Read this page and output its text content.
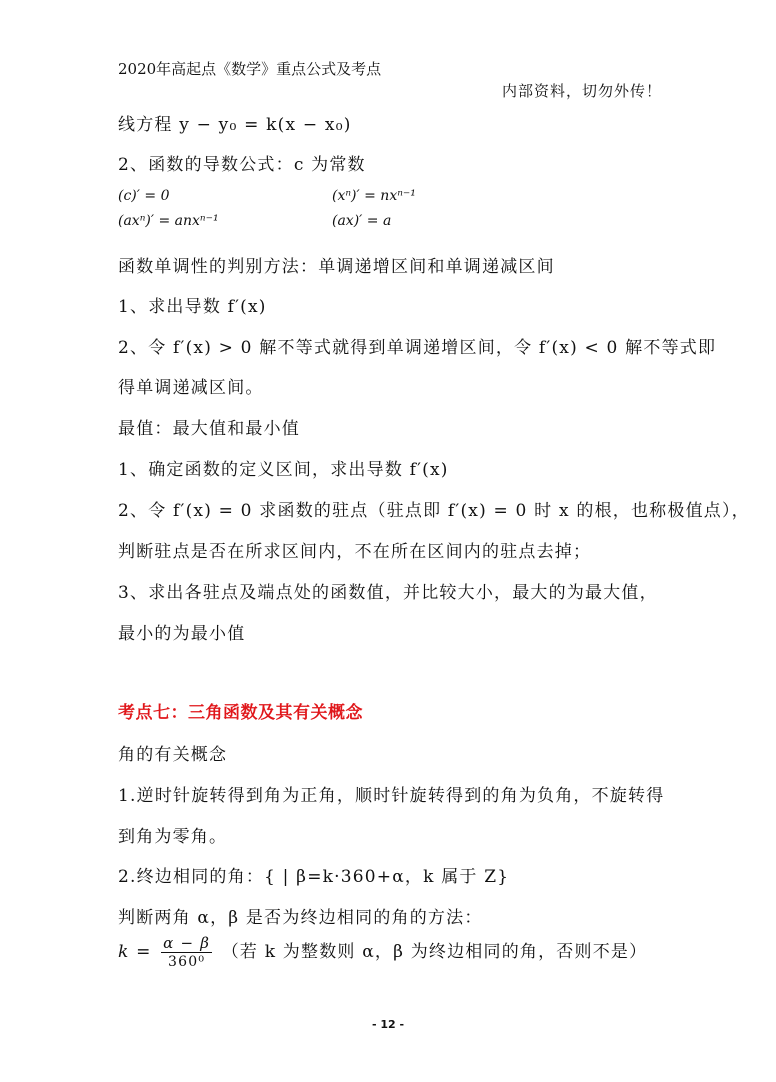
2020年高起点《数学》重点公式及考点
内部资料，切勿外传！
线方程 y − y₀ = k(x − x₀)
2、函数的导数公式：c 为常数
(c)′ = 0	(xⁿ)′ = nxⁿ⁻¹
(axⁿ)′ = anxⁿ⁻¹	(ax)′ = a
函数单调性的判别方法：单调递增区间和单调递减区间
1、求出导数 f′(x)
2、令 f′(x) > 0 解不等式就得到单调递增区间，令 f′(x) < 0 解不等式即
得单调递减区间。
最值：最大值和最小值
1、确定函数的定义区间，求出导数 f′(x)
2、令 f′(x) = 0 求函数的驻点（驻点即 f′(x) = 0 时 x 的根，也称极值点），
判断驻点是否在所求区间内，不在所在区间内的驻点去掉；
3、求出各驻点及端点处的函数值，并比较大小，最大的为最大值，
最小的为最小值
考点七：三角函数及其有关概念
角的有关概念
1.逆时针旋转得到角为正角，顺时针旋转得到的角为负角，不旋转得
到角为零角。
2.终边相同的角：{ | β=k·360+α，k 属于 Z}
判断两角 α，β 是否为终边相同的角的方法：
$k = \frac{\alpha - \beta}{\text{360⁰}}$ （若 k 为整数则 α，β 为终边相同的角，否则不是）
- 12 -
